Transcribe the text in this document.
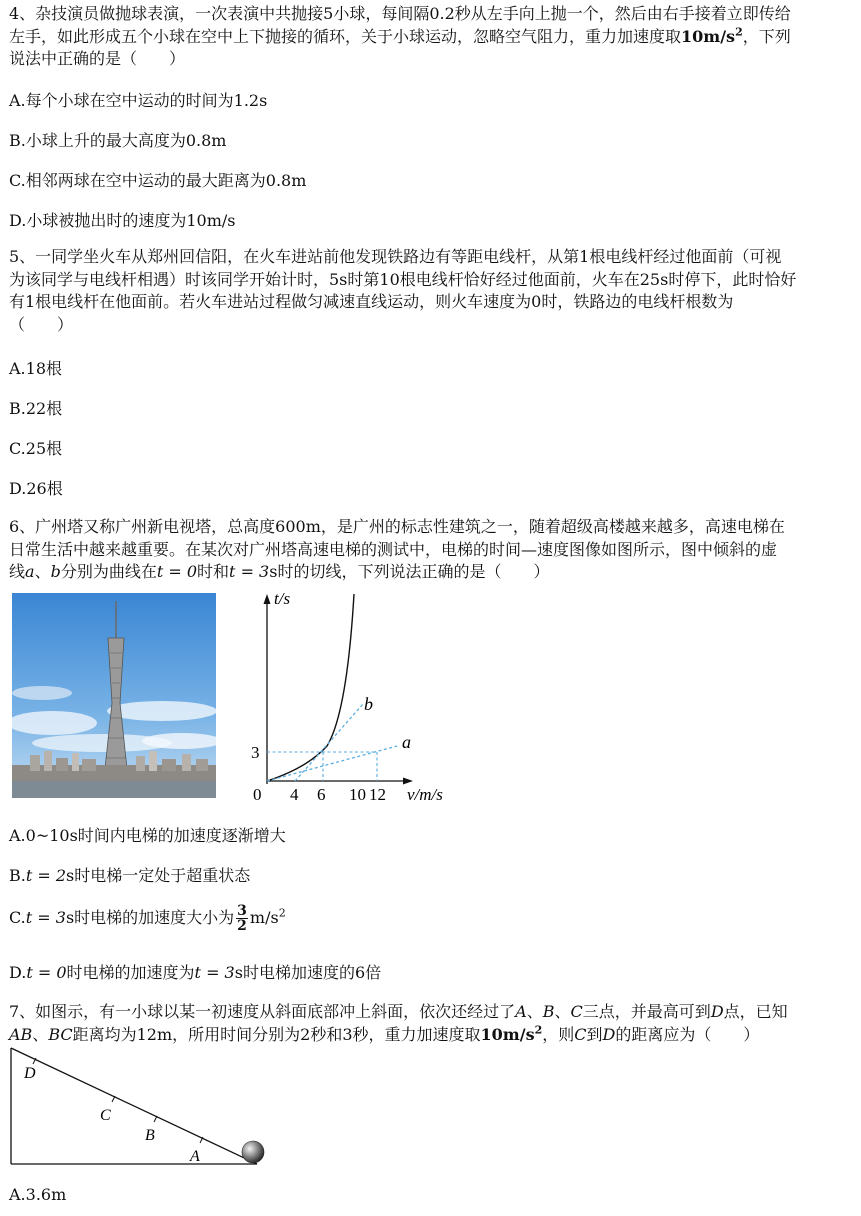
4、杂技演员做抛球表演，一次表演中共抛接5小球，每间隔0.2秒从左手向上抛一个，然后由右手接着立即传给
左手，如此形成五个小球在空中上下抛接的循环，关于小球运动，忽略空气阻力，重力加速度取$10m/s^2$，下列
说法中正确的是（　　）
A.每个小球在空中运动的时间为1.2s
B.小球上升的最大高度为0.8m
C.相邻两球在空中运动的最大距离为0.8m
D.小球被抛出时的速度为10m/s
5、一同学坐火车从郑州回信阳，在火车进站前他发现铁路边有等距电线杆，从第1根电线杆经过他面前（可视
为该同学与电线杆相遇）时该同学开始计时，5s时第10根电线杆恰好经过他面前，火车在25s时停下，此时恰好
有1根电线杆在他面前。若火车进站过程做匀减速直线运动，则火车速度为0时，铁路边的电线杆根数为
（　　）
A.18根
B.22根
C.25根
D.26根
6、广州塔又称广州新电视塔，总高度600m，是广州的标志性建筑之一，随着超级高楼越来越多，高速电梯在
日常生活中越来越重要。在某次对广州塔高速电梯的测试中，电梯的时间—速度图像如图所示，图中倾斜的虚
线a、b分别为曲线在t = 0时和t = 3s时的切线，下列说法正确的是（　　）
t/s
v/m/s
0 4 6 10 12
3
a
b
A.0~10s时间内电梯的加速度逐渐增大
B.t = 2s时电梯一定处于超重状态
C.t = 3s时电梯的加速度大小为 $\frac{3}{2} m/s^2$
D.t = 0时电梯的加速度为t = 3s时电梯加速度的6倍
7、如图示，有一小球以某一初速度从斜面底部冲上斜面，依次还经过了A、B、C三点，并最高可到D点，已知
AB、BC距离均为12m，所用时间分别为2秒和3秒，重力加速度取$10m/s^2$，则C到D的距离应为（　　）
D
C
B
A
A.3.6m
